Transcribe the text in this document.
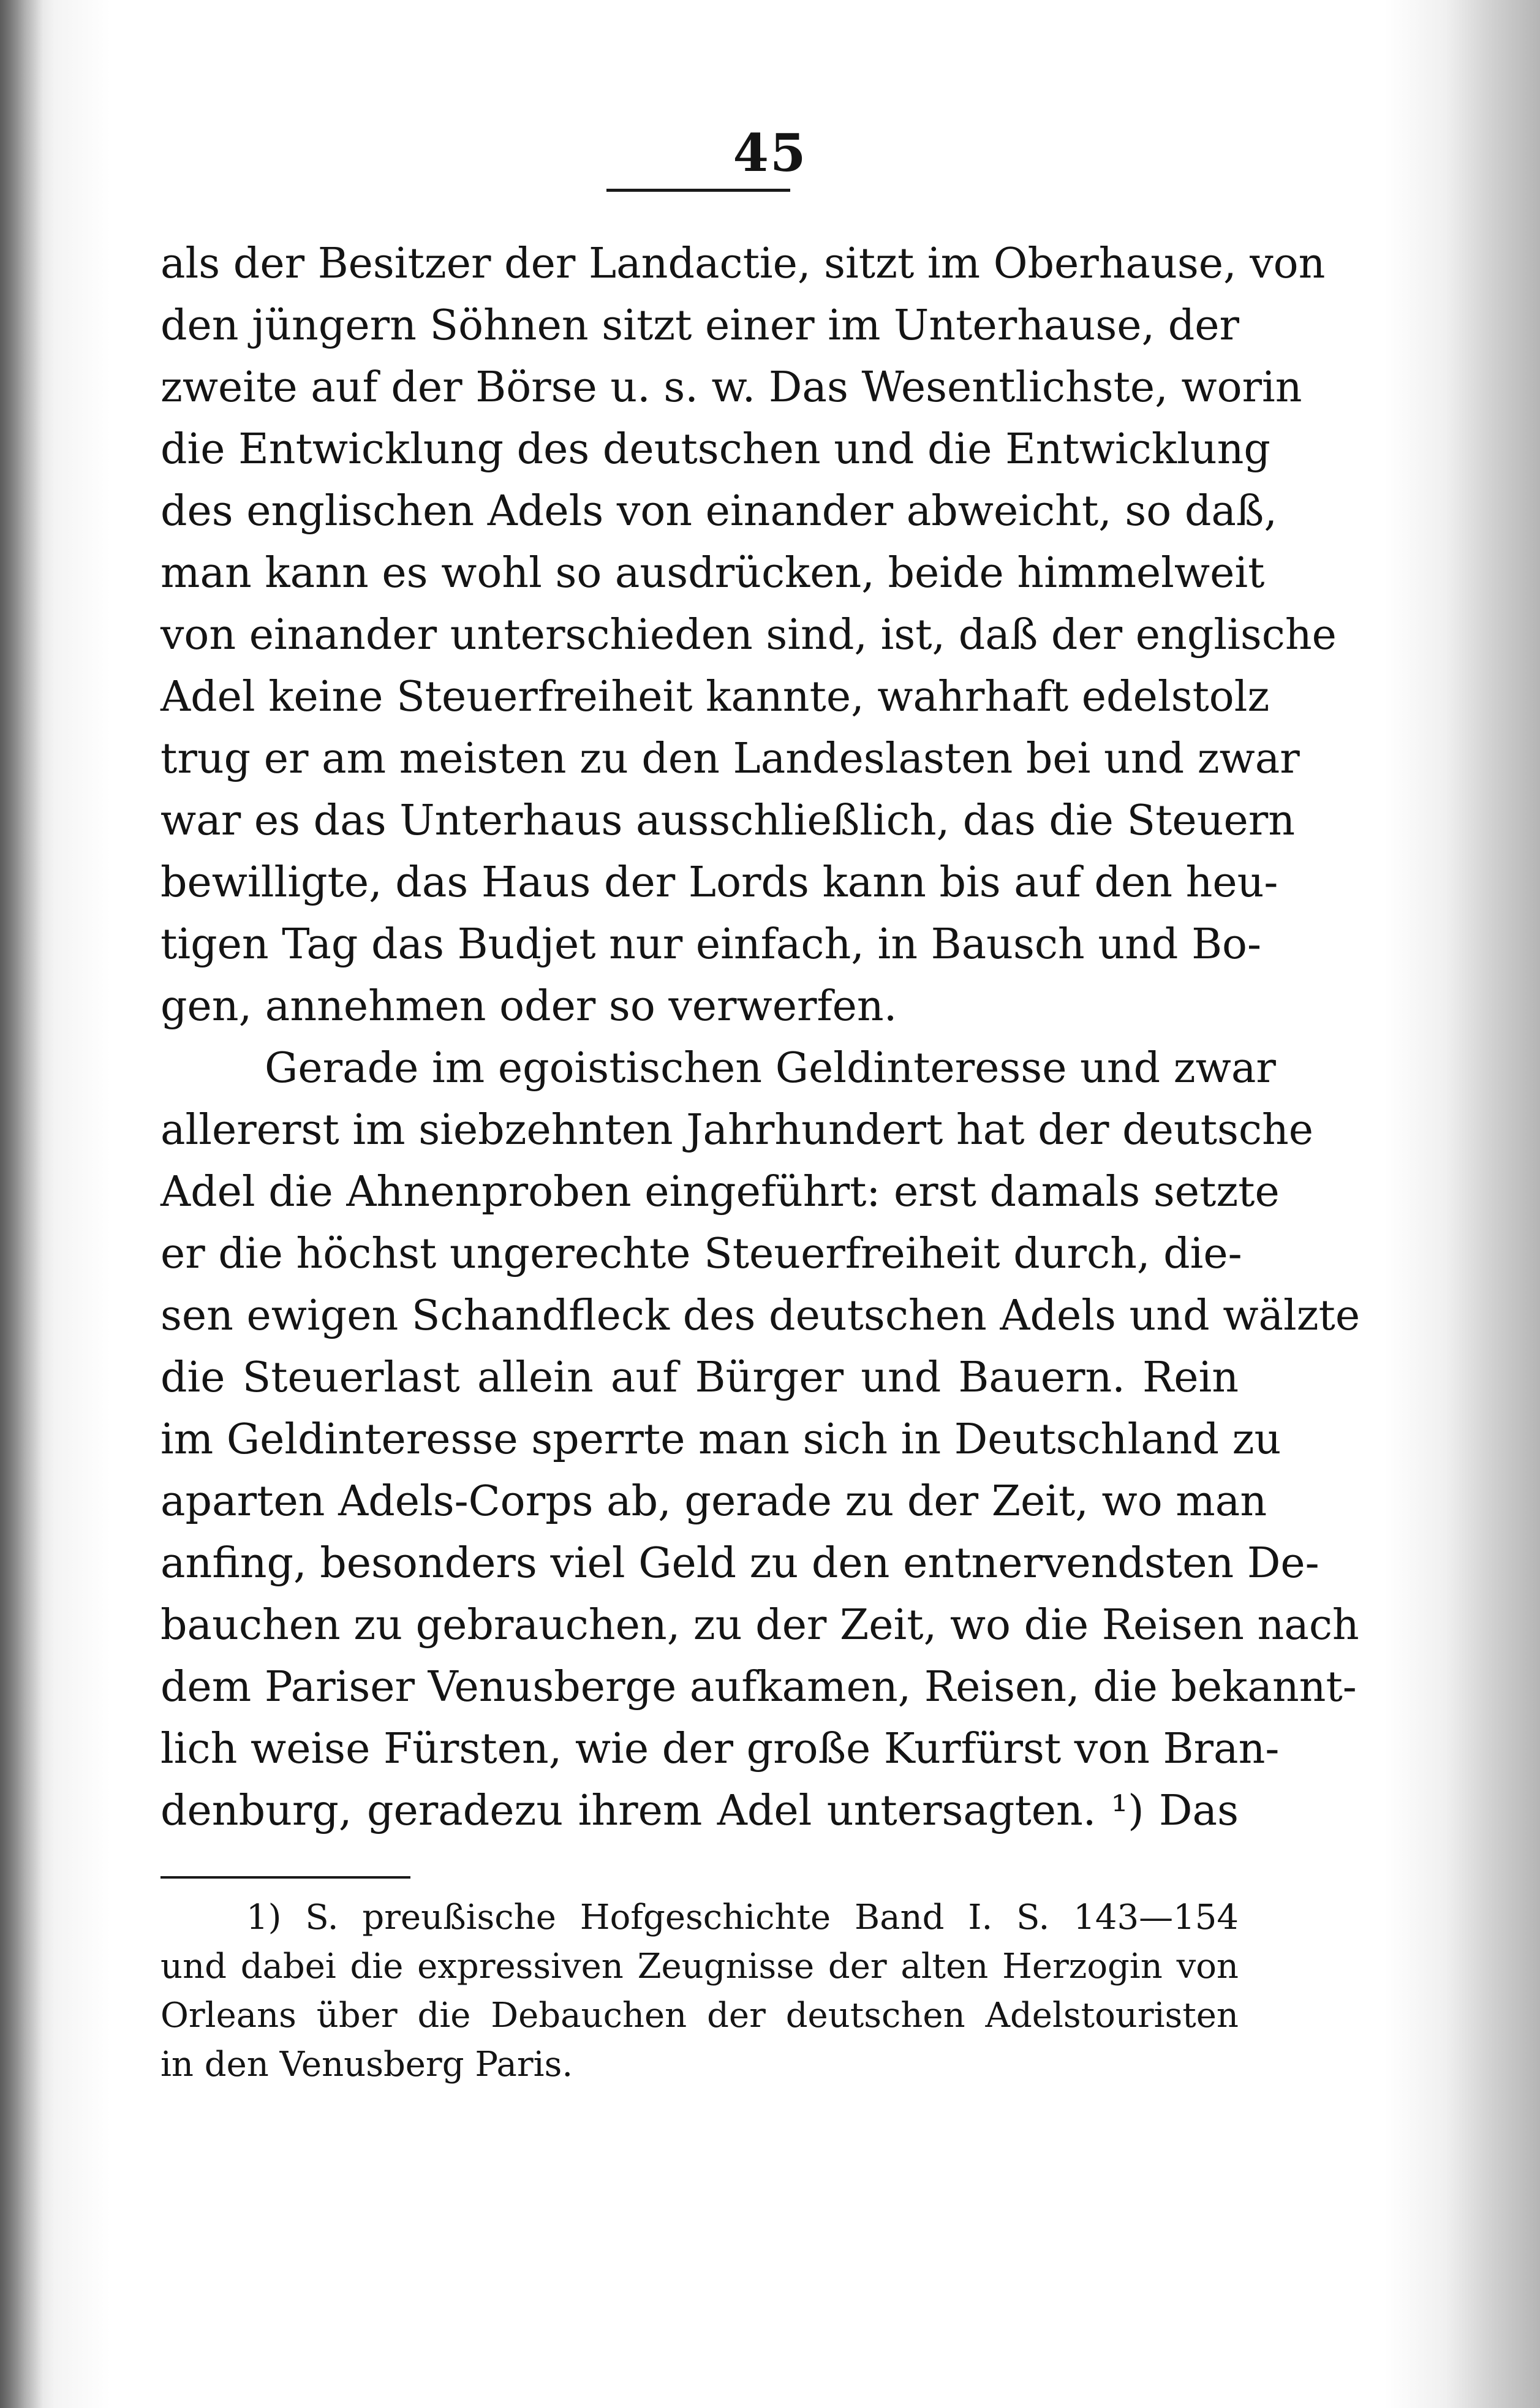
45
als der Besitzer der Landactie, sitzt im Oberhause, von
den jüngern Söhnen sitzt einer im Unterhause, der
zweite auf der Börse u. s. w. Das Wesentlichste, worin
die Entwicklung des deutschen und die Entwicklung
des englischen Adels von einander abweicht, so daß,
man kann es wohl so ausdrücken, beide himmelweit
von einander unterschieden sind, ist, daß der englische
Adel keine Steuerfreiheit kannte, wahrhaft edelstolz
trug er am meisten zu den Landeslasten bei und zwar
war es das Unterhaus ausschließlich, das die Steuern
bewilligte, das Haus der Lords kann bis auf den heu-
tigen Tag das Budjet nur einfach, in Bausch und Bo-
gen, annehmen oder so verwerfen.
Gerade im egoistischen Geldinteresse und zwar
allererst im siebzehnten Jahrhundert hat der deutsche
Adel die Ahnenproben eingeführt: erst damals setzte
er die höchst ungerechte Steuerfreiheit durch, die-
sen ewigen Schandfleck des deutschen Adels und wälzte
die Steuerlast allein auf Bürger und Bauern. Rein
im Geldinteresse sperrte man sich in Deutschland zu
aparten Adels-Corps ab, gerade zu der Zeit, wo man
anfing, besonders viel Geld zu den entnervendsten De-
bauchen zu gebrauchen, zu der Zeit, wo die Reisen nach
dem Pariser Venusberge aufkamen, Reisen, die bekannt-
lich weise Fürsten, wie der große Kurfürst von Bran-
denburg, geradezu ihrem Adel untersagten. ¹) Das
1) S. preußische Hofgeschichte Band I. S. 143—154
und dabei die expressiven Zeugnisse der alten Herzogin von
Orleans über die Debauchen der deutschen Adelstouristen
in den Venusberg Paris.
